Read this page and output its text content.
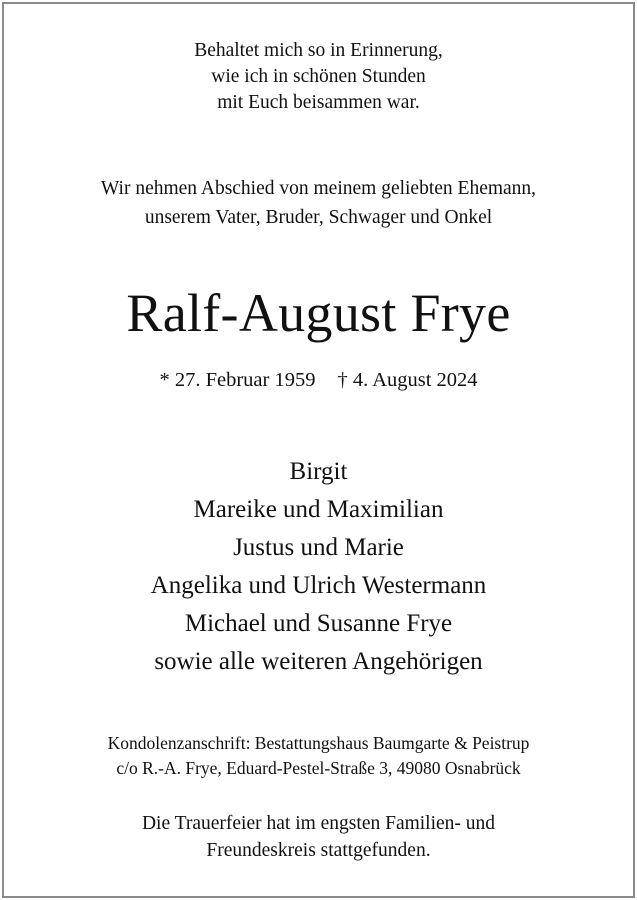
Behaltet mich so in Erinnerung,
wie ich in schönen Stunden
mit Euch beisammen war.
Wir nehmen Abschied von meinem geliebten Ehemann,
unserem Vater, Bruder, Schwager und Onkel
Ralf-August Frye
* 27. Februar 1959 † 4. August 2024
Birgit
Mareike und Maximilian
Justus und Marie
Angelika und Ulrich Westermann
Michael und Susanne Frye
sowie alle weiteren Angehörigen
Kondolenzanschrift: Bestattungshaus Baumgarte & Peistrup
c/o R.-A. Frye, Eduard-Pestel-Straße 3, 49080 Osnabrück
Die Trauerfeier hat im engsten Familien- und
Freundeskreis stattgefunden.
